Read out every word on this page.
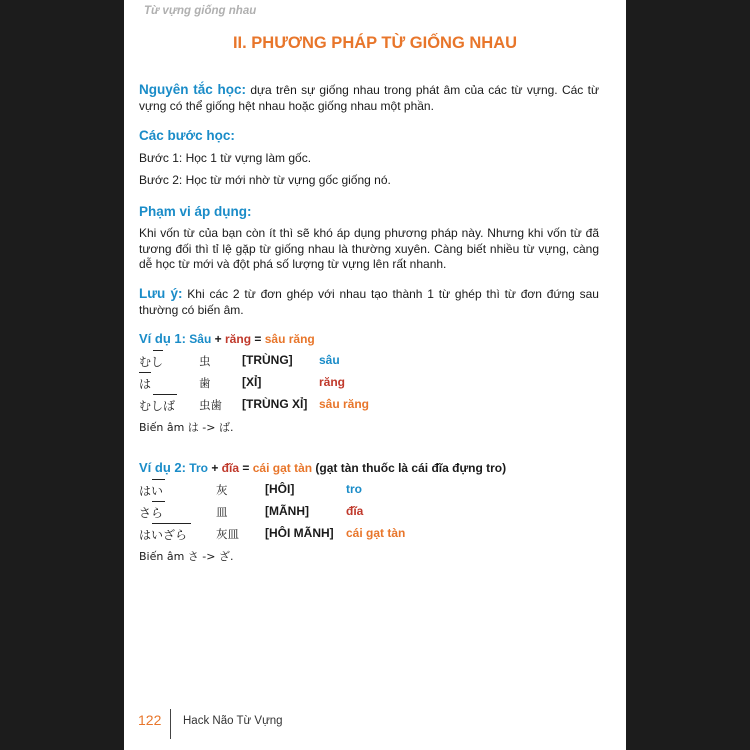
Từ vựng giống nhau
II. PHƯƠNG PHÁP TỪ GIỐNG NHAU
Nguyên tắc học: dựa trên sự giống nhau trong phát âm của các từ vựng. Các từ vựng có thể giống hệt nhau hoặc giống nhau một phần.
Các bước học:
Bước 1: Học 1 từ vựng làm gốc.
Bước 2: Học từ mới nhờ từ vựng gốc giống nó.
Phạm vi áp dụng:
Khi vốn từ của bạn còn ít thì sẽ khó áp dụng phương pháp này. Nhưng khi vốn từ đã tương đối thì tỉ lệ gặp từ giống nhau là thường xuyên. Càng biết nhiều từ vựng, càng dễ học từ mới và đột phá số lượng từ vựng lên rất nhanh.
Lưu ý: Khi các 2 từ đơn ghép với nhau tạo thành 1 từ ghép thì từ đơn đứng sau thường có biến âm.
Ví dụ 1: Sâu + răng = sâu răng
むし	虫	[TRÙNG] sâu
は	歯	[XỈ]	răng
むしば 虫歯 [TRÙNG XỈ] sâu răng
Biến âm は -> ば.
Ví dụ 2: Tro + đĩa = cái gạt tàn (gạt tàn thuốc là cái đĩa đựng tro)
はい	灰	[HÔI]	tro
さら	皿	[MÃNH]	đĩa
はいざら	灰皿 [HÔI MÃNH] cái gạt tàn
Biến âm さ -> ざ.
122 Hack Não Từ Vựng
